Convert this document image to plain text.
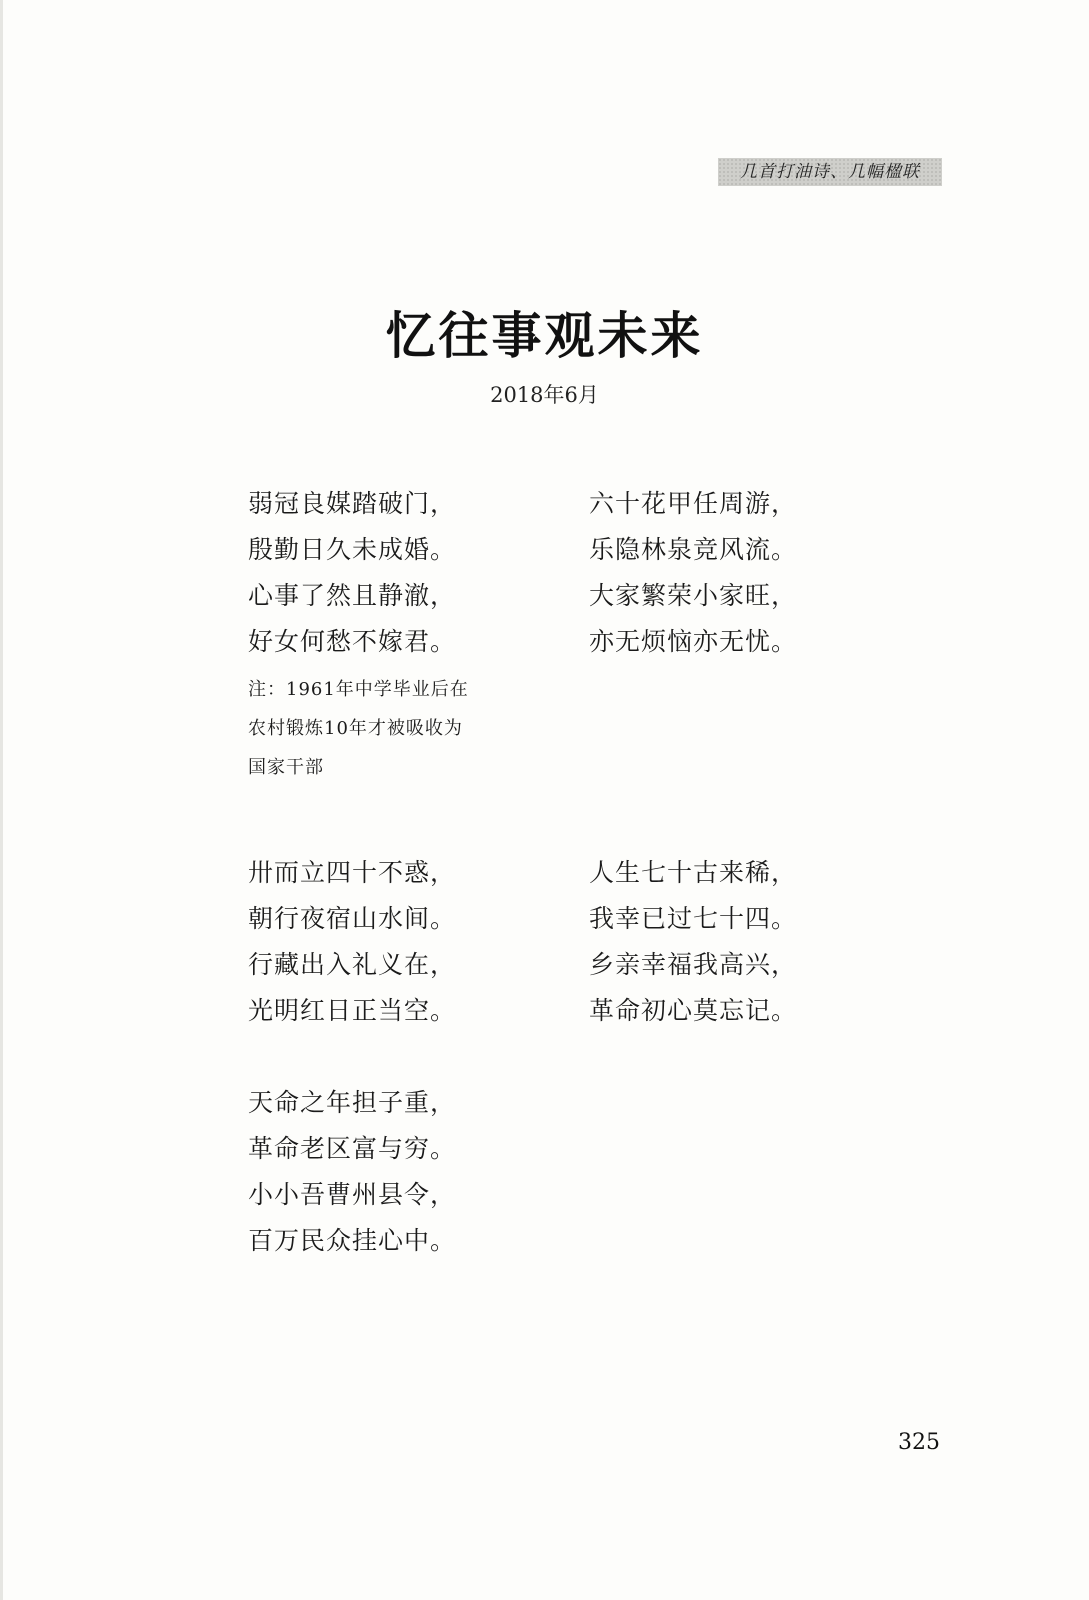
几首打油诗、几幅楹联
忆往事观未来
2018年6月
弱冠良媒踏破门，
殷勤日久未成婚。
心事了然且静澈，
好女何愁不嫁君。
注：1961年中学毕业后在
农村锻炼10年才被吸收为
国家干部
六十花甲任周游，
乐隐林泉竞风流。
大家繁荣小家旺，
亦无烦恼亦无忧。
卅而立四十不惑，
朝行夜宿山水间。
行藏出入礼义在，
光明红日正当空。
人生七十古来稀，
我幸已过七十四。
乡亲幸福我高兴，
革命初心莫忘记。
天命之年担子重，
革命老区富与穷。
小小吾曹州县令，
百万民众挂心中。
325
